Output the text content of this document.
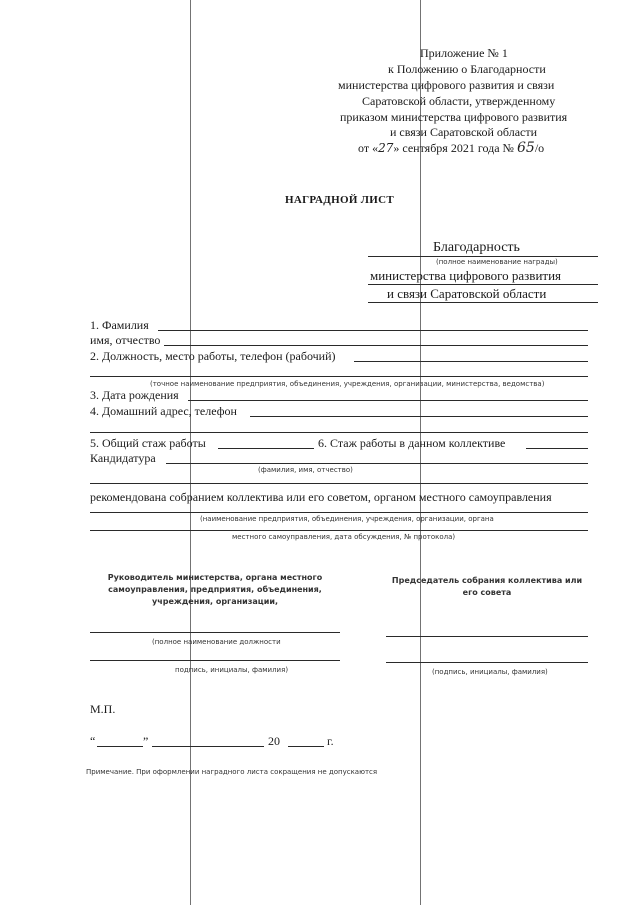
Приложение № 1
к Положению о Благодарности
министерства цифрового развития и связи
Саратовской области, утвержденному
приказом министерства цифрового развития
и связи Саратовской области
от «27» сентября 2021 года № 65/о
НАГРАДНОЙ ЛИСТ
Благодарность
(полное наименование награды)
министерства цифрового развития
и связи Саратовской области
1. Фамилия
имя, отчество
2. Должность, место работы, телефон (рабочий)
(точное наименование предприятия, объединения, учреждения, организации, министерства, ведомства)
3. Дата рождения
4. Домашний адрес, телефон
5. Общий стаж работы	6. Стаж работы в данном коллективе
Кандидатура
(фамилия, имя, отчество)
рекомендована собранием коллектива или его советом, органом местного самоуправления
(наименование предприятия, объединения, учреждения, организации, органа
местного самоуправления, дата обсуждения, № протокола)
Руководитель министерства, органа местного
самоуправления, предприятия, объединения,
учреждения, организации,
(полное наименование должности
подпись, инициалы, фамилия)
Председатель собрания коллектива или
его совета
(подпись, инициалы, фамилия)
М.П.
“	”	20	г.
Примечание. При оформлении наградного листа сокращения не допускаются
